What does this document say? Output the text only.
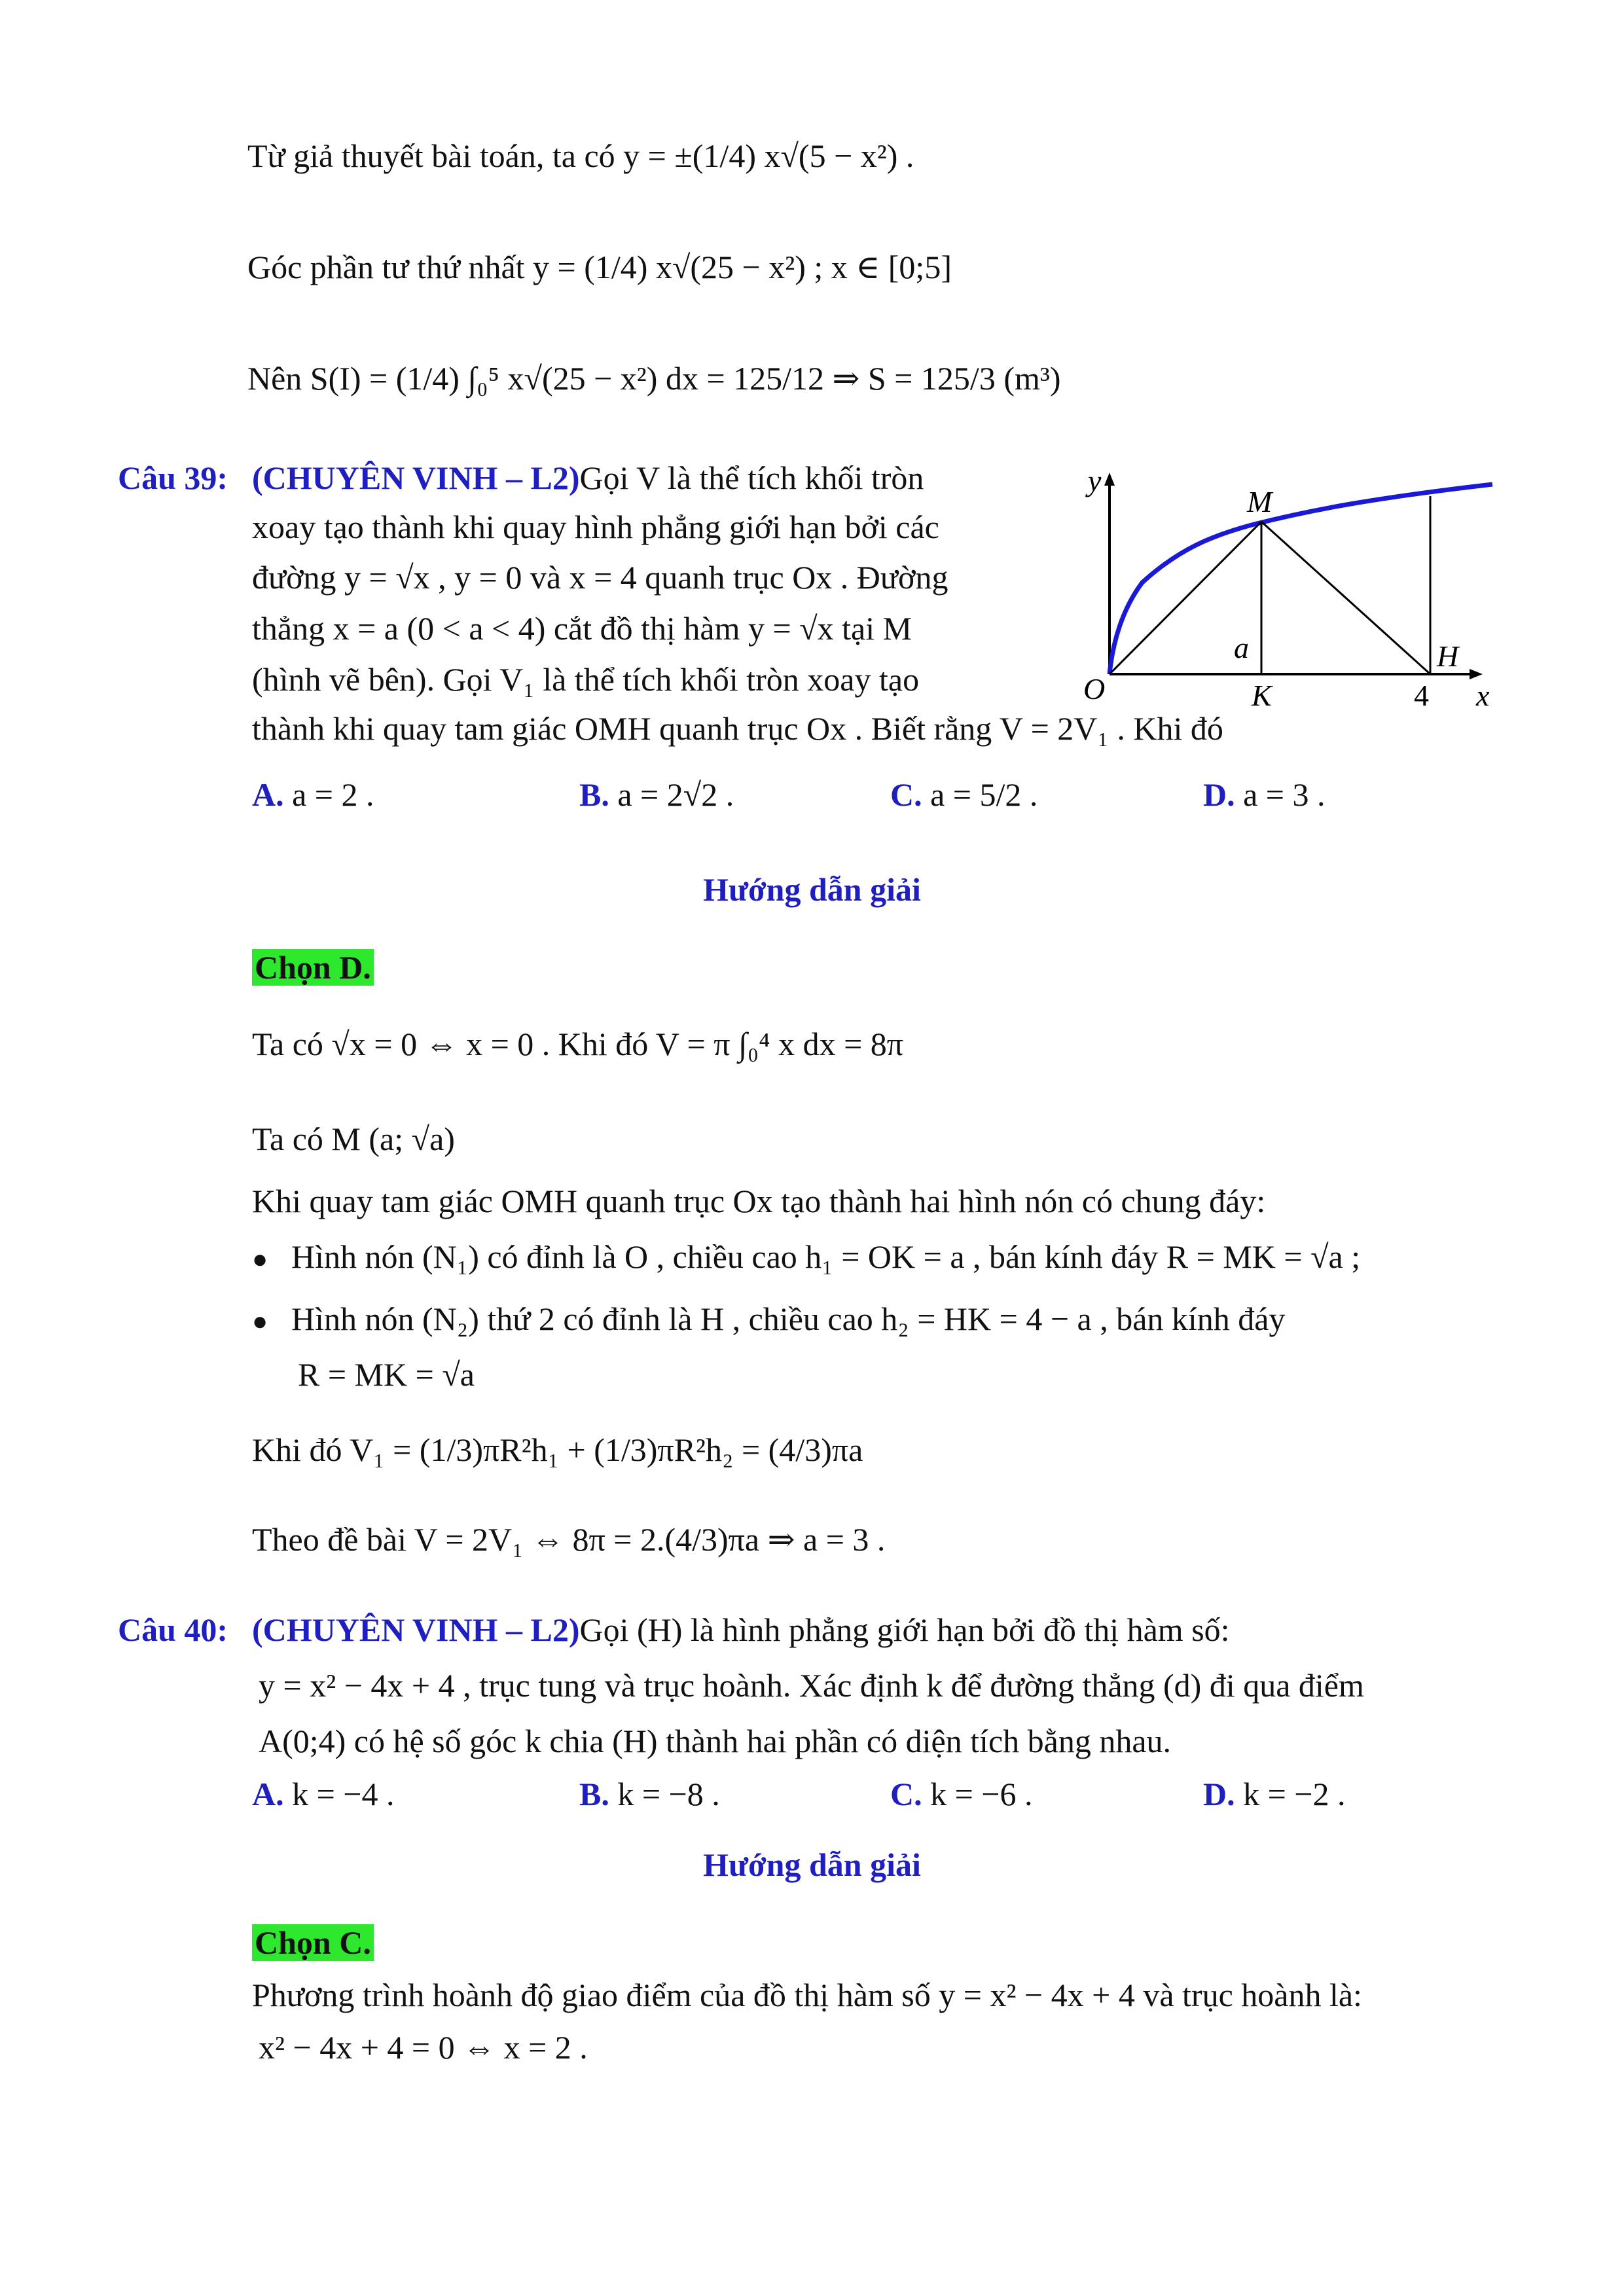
Từ giả thuyết bài toán, ta có y = ±(1/4) x√(5 − x²) .
Góc phần tư thứ nhất y = (1/4) x√(25 − x²) ; x ∈ [0;5]
Nên S(I) = (1/4) ∫₀⁵ x√(25 − x²) dx = 125/12 ⇒ S = 125/3 (m³)
Câu 39: (CHUYÊN VINH – L2)Gọi V là thể tích khối tròn
xoay tạo thành khi quay hình phẳng giới hạn bởi các
đường y = √x , y = 0 và x = 4 quanh trục Ox . Đường
thẳng x = a (0 < a < 4) cắt đồ thị hàm y = √x tại M
(hình vẽ bên). Gọi V₁ là thể tích khối tròn xoay tạo
thành khi quay tam giác OMH quanh trục Ox . Biết rằng V = 2V₁ . Khi đó
y
x
M
H
O	K
a
4
A. a = 2 .	B. a = 2√2 .	C. a = 5/2 .	D. a = 3 .
Hướng dẫn giải
Chọn D.
Ta có √x = 0 ⇔ x = 0 . Khi đó V = π ∫₀⁴ x dx = 8π
Ta có M (a; √a)
Khi quay tam giác OMH quanh trục Ox tạo thành hai hình nón có chung đáy:
● Hình nón (N₁) có đỉnh là O , chiều cao h₁ = OK = a , bán kính đáy R = MK = √a ;
● Hình nón (N₂) thứ 2 có đỉnh là H , chiều cao h₂ = HK = 4 − a , bán kính đáy
R = MK = √a
Khi đó V₁ = (1/3)πR²h₁ + (1/3)πR²h₂ = (4/3)πa
Theo đề bài V = 2V₁ ⇔ 8π = 2.(4/3)πa ⇒ a = 3 .
Câu 40: (CHUYÊN VINH – L2)Gọi (H) là hình phẳng giới hạn bởi đồ thị hàm số:
y = x² − 4x + 4 , trục tung và trục hoành. Xác định k để đường thẳng (d) đi qua điểm
A(0;4) có hệ số góc k chia (H) thành hai phần có diện tích bằng nhau.
A. k = −4 .	B. k = −8 .	C. k = −6 .	D. k = −2 .
Hướng dẫn giải
Chọn C.
Phương trình hoành độ giao điểm của đồ thị hàm số y = x² − 4x + 4 và trục hoành là:
x² − 4x + 4 = 0 ⇔ x = 2 .
